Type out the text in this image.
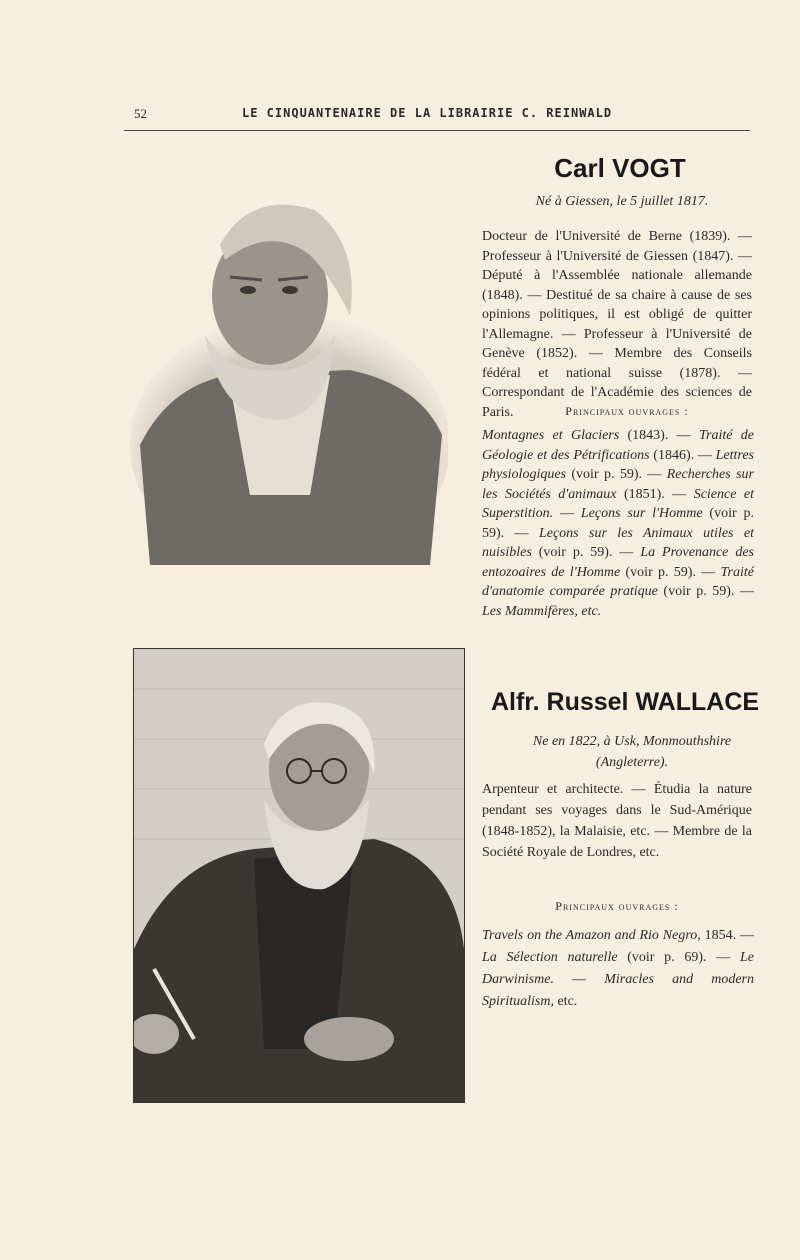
52	LE CINQUANTENAIRE DE LA LIBRAIRIE C. REINWALD
Carl VOGT
Né à Giessen, le 5 juillet 1817.
Docteur de l'Université de Berne (1839). — Professeur à l'Université de Giessen (1847). — Député à l'Assemblée nationale allemande (1848). — Destitué de sa chaire à cause de ses opinions politiques, il est obligé de quitter l'Allemagne. — Professeur à l'Université de Genève (1852). — Membre des Conseils fédéral et national suisse (1878). — Correspondant de l'Académie des sciences de Paris.	Principaux ouvrages :
Montagnes et Glaciers (1843). — Traité de Géologie et des Pétrifications (1846). — Lettres physiologiques (voir p. 59). — Recherches sur les Sociétés d'animaux (1851). — Science et Superstition. — Leçons sur l'Homme (voir p. 59). — Leçons sur les Animaux utiles et nuisibles (voir p. 59). — La Provenance des entozoaires de l'Homme (voir p. 59). — Traité d'anatomie comparée pratique (voir p. 59). — Les Mammifères, etc.
Alfr. Russel WALLACE
Ne en 1822, à Usk, Monmouthshire
(Angleterre).
Arpenteur et architecte. — Étudia la nature pendant ses voyages dans le Sud-Amérique (1848-1852), la Malaisie, etc. — Membre de la Société Royale de Londres, etc.
Principaux ouvrages :
Travels on the Amazon and Rio Negro, 1854. — La Sélection naturelle (voir p. 69). — Le Darwinisme. — Miracles and modern Spiritualism, etc.
